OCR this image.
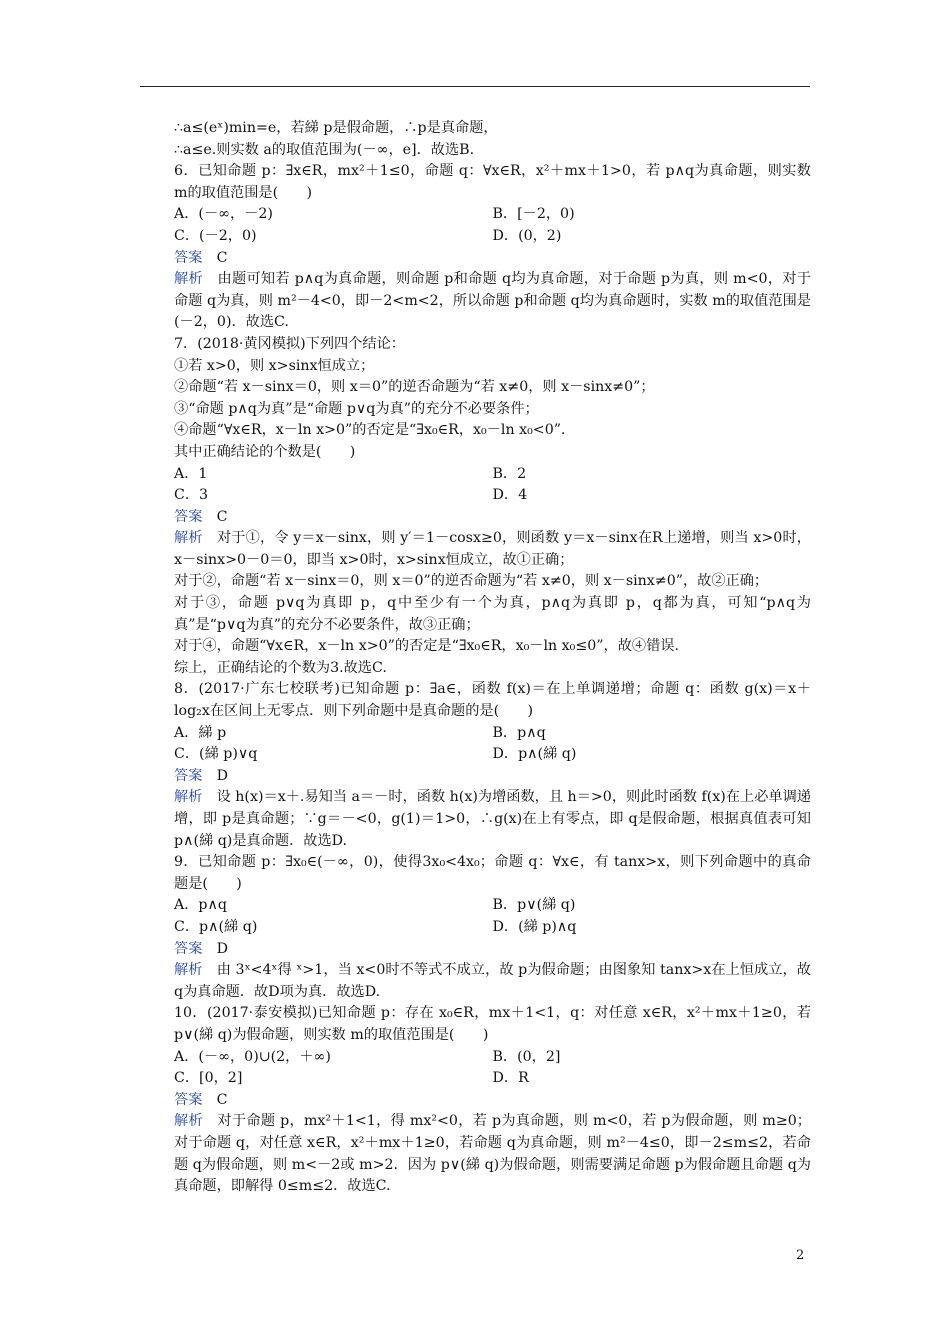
∴a≤(eˣ)min=e，若綈 p是假命题，∴p是真命题，
∴a≤e.则实数 a的取值范围为(－∞，e]．故选B.
6．已知命题 p：∃x∈R，mx²＋1≤0，命题 q：∀x∈R，x²＋mx＋1>0，若 p∧q为真命题，则实数 m的取值范围是(　　)
A．(－∞，－2)	B．[－2，0)
C．(－2，0)	D．(0，2)
答案　C
解析　由题可知若 p∧q为真命题，则命题 p和命题 q均为真命题，对于命题 p为真，则 m<0，对于命题 q为真，则 m²－4<0，即－2<m<2，所以命题 p和命题 q均为真命题时，实数 m的取值范围是(－2，0)．故选C.
7．(2018·黄冈模拟)下列四个结论：
①若 x>0，则 x>sinx恒成立；
②命题“若 x－sinx＝0，则 x＝0”的逆否命题为“若 x≠0，则 x－sinx≠0”；
③“命题 p∧q为真”是“命题 p∨q为真”的充分不必要条件；
④命题“∀x∈R，x－ln x>0”的否定是“∃x₀∈R，x₀－ln x₀<0”．
其中正确结论的个数是(　　)
A．1	B．2
C．3	D．4
答案　C
解析　对于①，令 y＝x－sinx，则 y′＝1－cosx≥0，则函数 y＝x－sinx在R上递增，则当 x>0时，x－sinx>0－0＝0，即当 x>0时，x>sinx恒成立，故①正确；
对于②，命题“若 x－sinx＝0，则 x＝0”的逆否命题为“若 x≠0，则 x－sinx≠0”，故②正确；
对于③，命题 p∨q为真即 p，q中至少有一个为真，p∧q为真即 p，q都为真，可知“p∧q为真”是“p∨q为真”的充分不必要条件，故③正确；
对于④，命题“∀x∈R，x－ln x>0”的否定是“∃x₀∈R，x₀－ln x₀≤0”，故④错误.
综上，正确结论的个数为3.故选C.
8．(2017·广东七校联考)已知命题 p：∃a∈，函数 f(x)＝在上单调递增；命题 q：函数 g(x)＝x＋log₂x在区间上无零点．则下列命题中是真命题的是(　　)
A．綈 p	B．p∧q
C．(綈 p)∨q	D．p∧(綈 q)
答案　D
解析　设 h(x)＝x＋.易知当 a＝－时，函数 h(x)为增函数，且 h＝>0，则此时函数 f(x)在上必单调递增，即 p是真命题；∵g＝－<0，g(1)＝1>0，∴g(x)在上有零点，即 q是假命题，根据真值表可知 p∧(綈 q)是真命题．故选D.
9．已知命题 p：∃x₀∈(－∞，0)，使得3x₀<4x₀；命题 q：∀x∈，有 tanx>x，则下列命题中的真命题是(　　)
A．p∧q	B．p∨(綈 q)
C．p∧(綈 q)	D．(綈 p)∧q
答案　D
解析　由 3ˣ<4ˣ得 ˣ>1，当 x<0时不等式不成立，故 p为假命题；由图象知 tanx>x在上恒成立，故 q为真命题．故D项为真．故选D.
10．(2017·泰安模拟)已知命题 p：存在 x₀∈R，mx＋1<1，q：对任意 x∈R，x²＋mx＋1≥0，若 p∨(綈 q)为假命题，则实数 m的取值范围是(　　)
A．(－∞，0)∪(2，＋∞)	B．(0，2]
C．[0，2]	D．R
答案　C
解析　对于命题 p，mx²＋1<1，得 mx²<0，若 p为真命题，则 m<0，若 p为假命题，则 m≥0；对于命题 q，对任意 x∈R，x²＋mx＋1≥0，若命题 q为真命题，则 m²－4≤0，即－2≤m≤2，若命题 q为假命题，则 m<－2或 m>2．因为 p∨(綈 q)为假命题，则需要满足命题 p为假命题且命题 q为真命题，即解得 0≤m≤2．故选C.
2
